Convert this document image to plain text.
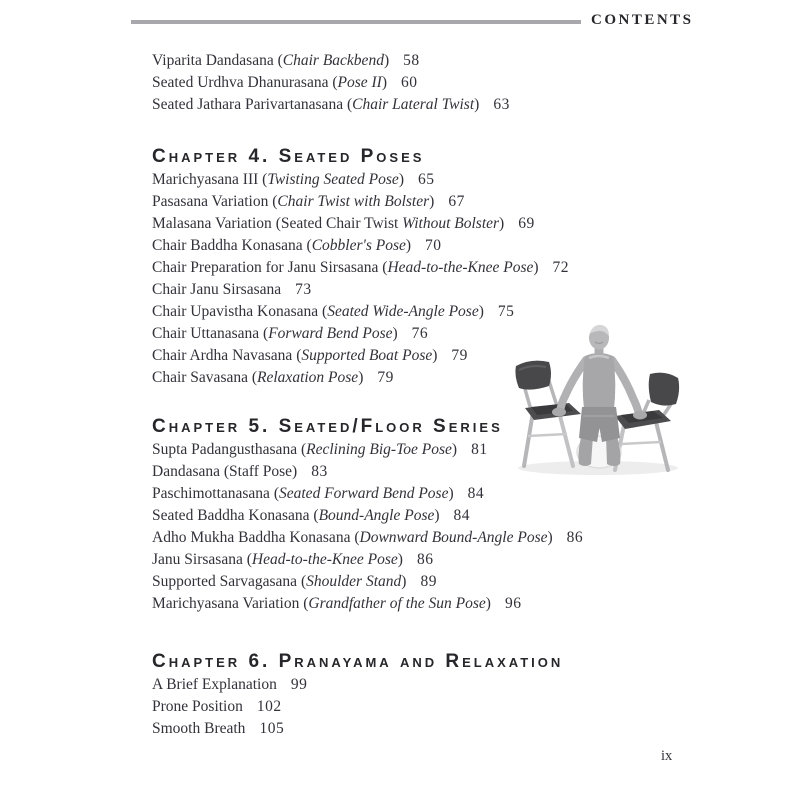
CONTENTS
Viparita Dandasana (Chair Backbend) 58
Seated Urdhva Dhanurasana (Pose II) 60
Seated Jathara Parivartanasana (Chair Lateral Twist) 63
Chapter 4. Seated Poses
Marichyasana III (Twisting Seated Pose) 65
Pasasana Variation (Chair Twist with Bolster) 67
Malasana Variation (Seated Chair Twist Without Bolster) 69
Chair Baddha Konasana (Cobbler's Pose) 70
Chair Preparation for Janu Sirsasana (Head-to-the-Knee Pose) 72
Chair Janu Sirsasana 73
Chair Upavistha Konasana (Seated Wide-Angle Pose) 75
Chair Uttanasana (Forward Bend Pose) 76
Chair Ardha Navasana (Supported Boat Pose) 79
Chair Savasana (Relaxation Pose) 79
Chapter 5. Seated/Floor Series
Supta Padangusthasana (Reclining Big-Toe Pose) 81
Dandasana (Staff Pose) 83
Paschimottanasana (Seated Forward Bend Pose) 84
Seated Baddha Konasana (Bound-Angle Pose) 84
Adho Mukha Baddha Konasana (Downward Bound-Angle Pose) 86
Janu Sirsasana (Head-to-the-Knee Pose) 86
Supported Sarvagasana (Shoulder Stand) 89
Marichyasana Variation (Grandfather of the Sun Pose) 96
Chapter 6. Pranayama and Relaxation
A Brief Explanation 99
Prone Position 102
Smooth Breath 105
ix
